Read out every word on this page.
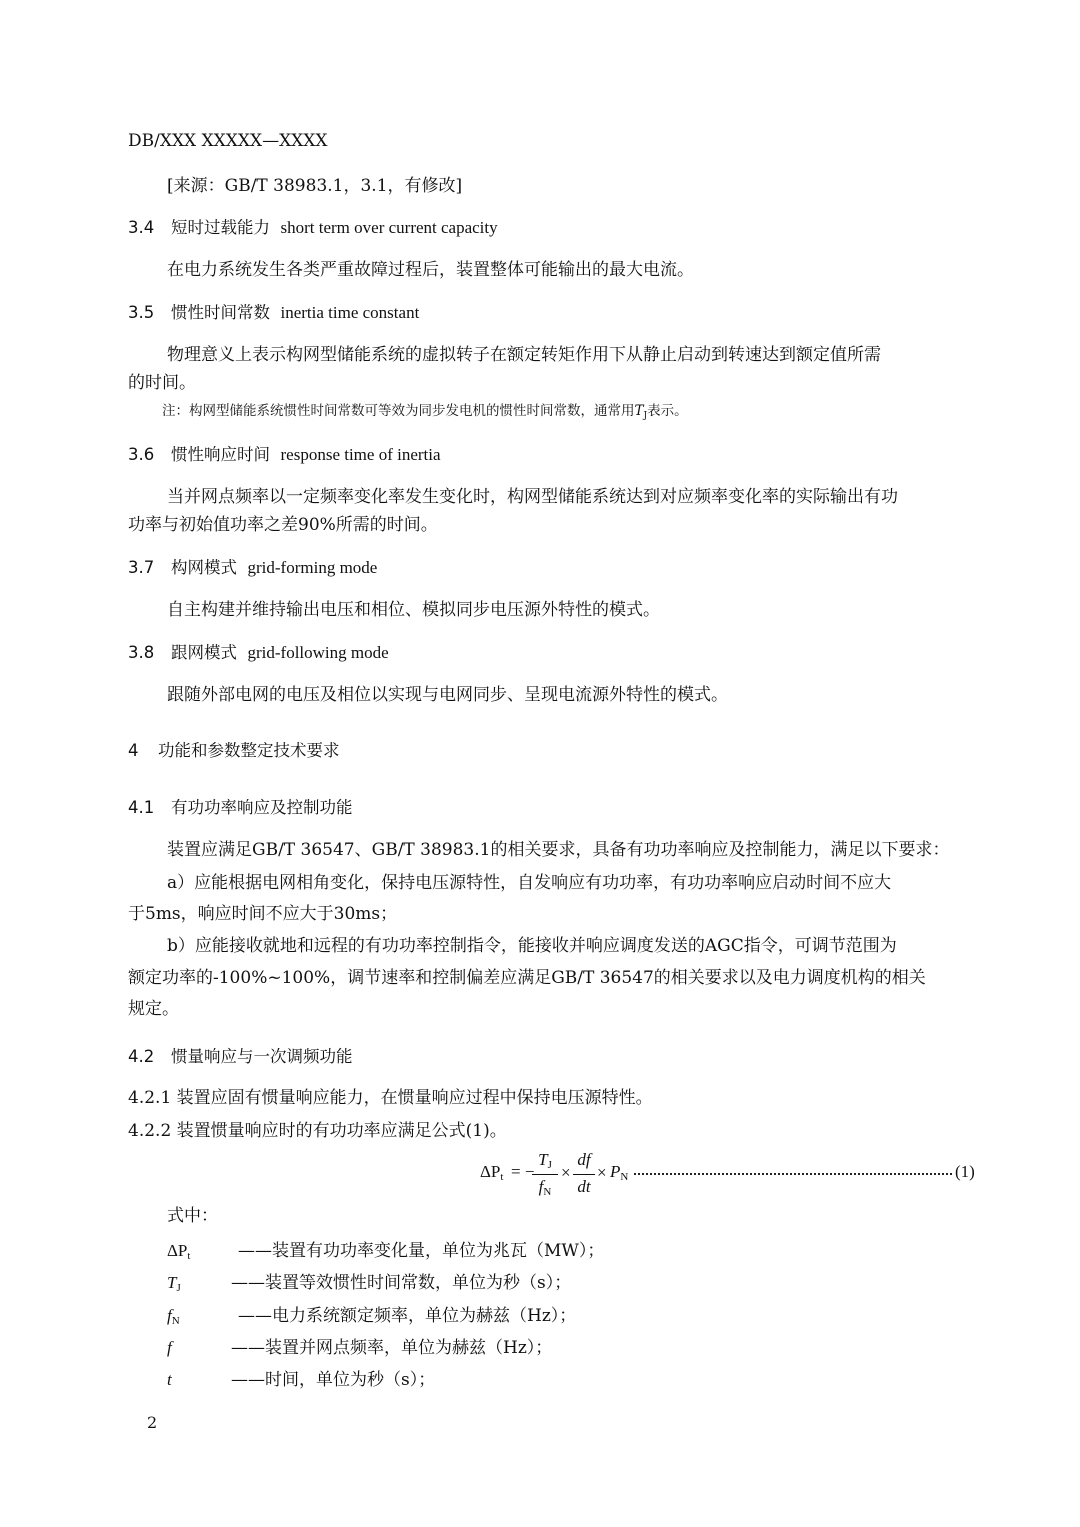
DB/XXX XXXXX—XXXX
[来源：GB/T 38983.1，3.1，有修改]
3.4 短时过载能力 short term over current capacity
在电力系统发生各类严重故障过程后，装置整体可能输出的最大电流。
3.5 惯性时间常数 inertia time constant
物理意义上表示构网型储能系统的虚拟转子在额定转矩作用下从静止启动到转速达到额定值所需
的时间。
注：构网型储能系统惯性时间常数可等效为同步发电机的惯性时间常数，通常用$T_J$表示。
3.6 惯性响应时间 response time of inertia
当并网点频率以一定频率变化率发生变化时，构网型储能系统达到对应频率变化率的实际输出有功
功率与初始值功率之差90%所需的时间。
3.7 构网模式 grid-forming mode
自主构建并维持输出电压和相位、模拟同步电压源外特性的模式。
3.8 跟网模式 grid-following mode
跟随外部电网的电压及相位以实现与电网同步、呈现电流源外特性的模式。
4 功能和参数整定技术要求
4.1 有功功率响应及控制功能
装置应满足GB/T 36547、GB/T 38983.1的相关要求，具备有功功率响应及控制能力，满足以下要求：
a）应能根据电网相角变化，保持电压源特性，自发响应有功功率，有功功率响应启动时间不应大
于5ms，响应时间不应大于30ms；
b）应能接收就地和远程的有功功率控制指令，能接收并响应调度发送的AGC指令，可调节范围为
额定功率的-100%~100%，调节速率和控制偏差应满足GB/T 36547的相关要求以及电力调度机构的相关
规定。
4.2 惯量响应与一次调频功能
4.2.1 装置应固有惯量响应能力，在惯量响应过程中保持电压源特性。
4.2.2 装置惯量响应时的有功功率应满足公式(1)。
$\Delta P_t$ = −
$T_J$
$f_N$
×
df
dt
× $P_N$	(1)
式中：
$\Delta P_t$	——装置有功功率变化量，单位为兆瓦（MW）；
$T_J$	——装置等效惯性时间常数，单位为秒（s）；
$f_N$	——电力系统额定频率，单位为赫兹（Hz）；
f	——装置并网点频率，单位为赫兹（Hz）；
t	——时间，单位为秒（s）；
2
